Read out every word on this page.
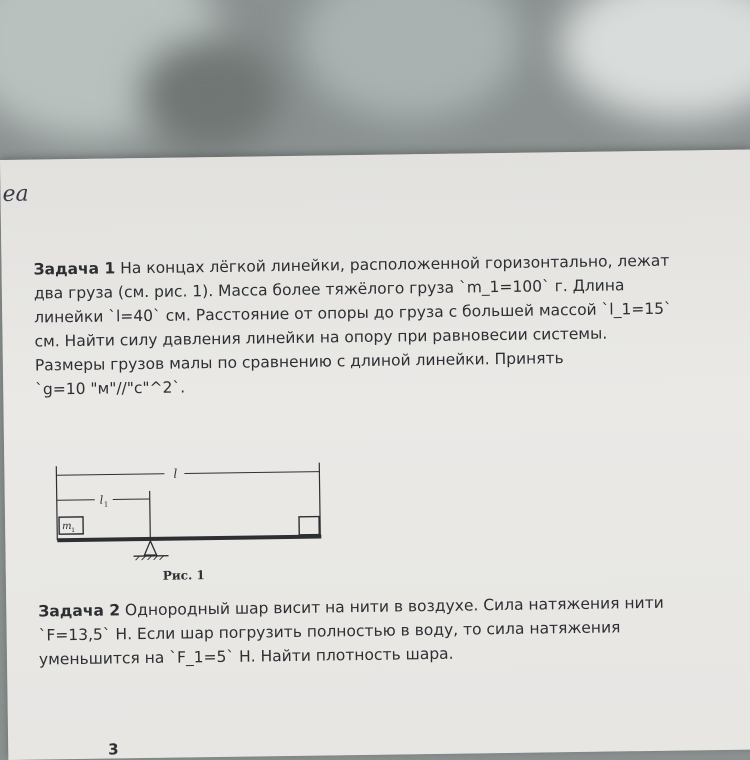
ea

Задача 1 На концах лёгкой линейки, расположенной горизонтально, лежат

два груза (см. рис. 1). Масса более тяжёлого груза `m_1=100` г. Длина

линейки `l=40` см. Расстояние от опоры до груза с большей массой `l_1=15`

см. Найти силу давления линейки на опору при равновесии системы.

Размеры грузов малы по сравнению с длиной линейки. Принять

`g=10 "м"//"с"^2`.

l
l 1
m 1
Рис. 1

Задача 2 Однородный шар висит на нити в воздухе. Сила натяжения нити

`F=13,5` Н. Если шар погрузить полностью в воду, то сила натяжения

уменьшится на `F_1=5` Н. Найти плотность шара.

3
